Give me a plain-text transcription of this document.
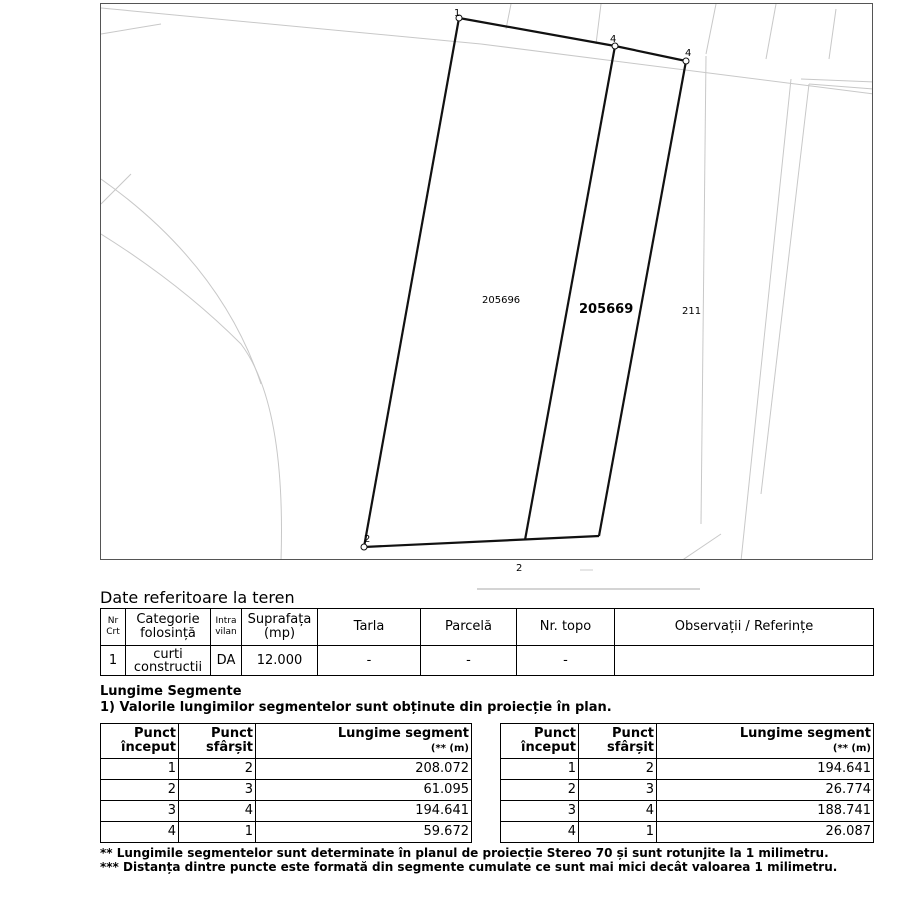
1
2
4
4
205696
205669	211
2
Date referitoare la teren
Nr Crt	Categorie folosință	Intra vilan	Suprafața (mp)	Tarla	Parcelă	Nr. topo	Observații / Referințe
1	curti constructii	DA	12.000	-	-	-	
Lungime Segmente
1) Valorile lungimilor segmentelor sunt obținute din proiecție în plan.
Punct început	Punct sfârșit	Lungime segment
(** (m)
1	2	208.072
2	3	61.095
3	4	194.641
4	1	59.672
Punct început	Punct sfârșit	Lungime segment
(** (m)
1	2	194.641
2	3	26.774
3	4	188.741
4	1	26.087
** Lungimile segmentelor sunt determinate în planul de proiecție Stereo 70 și sunt rotunjite la 1 milimetru.
*** Distanța dintre puncte este formată din segmente cumulate ce sunt mai mici decât valoarea 1 milimetru.
